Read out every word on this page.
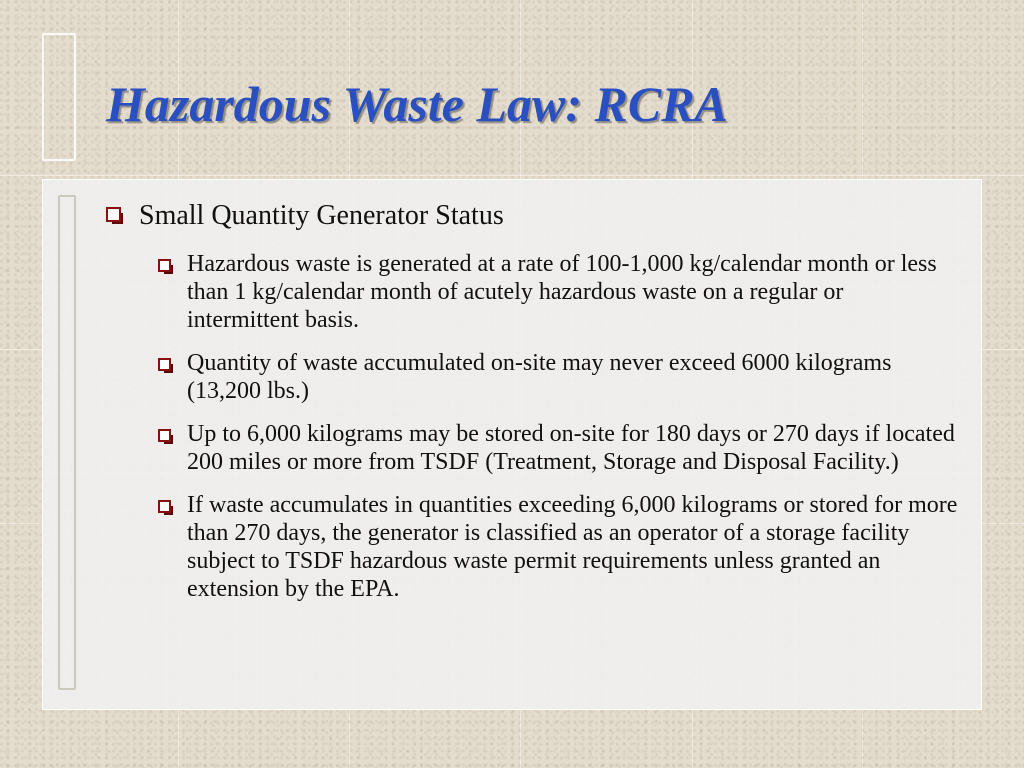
Hazardous Waste Law: RCRA
Small Quantity Generator Status
Hazardous waste is generated at a rate of 100-1,000 kg/calendar month or less than 1 kg/calendar month of acutely hazardous waste on a regular or intermittent basis.
Quantity of waste accumulated on-site may never exceed 6000 kilograms (13,200 lbs.)
Up to 6,000 kilograms may be stored on-site for 180 days or 270 days if located 200 miles or more from TSDF (Treatment, Storage and Disposal Facility.)
If waste accumulates in quantities exceeding 6,000 kilograms or stored for more than 270 days, the generator is classified as an operator of a storage facility subject to TSDF hazardous waste permit requirements unless granted an extension by the EPA.
